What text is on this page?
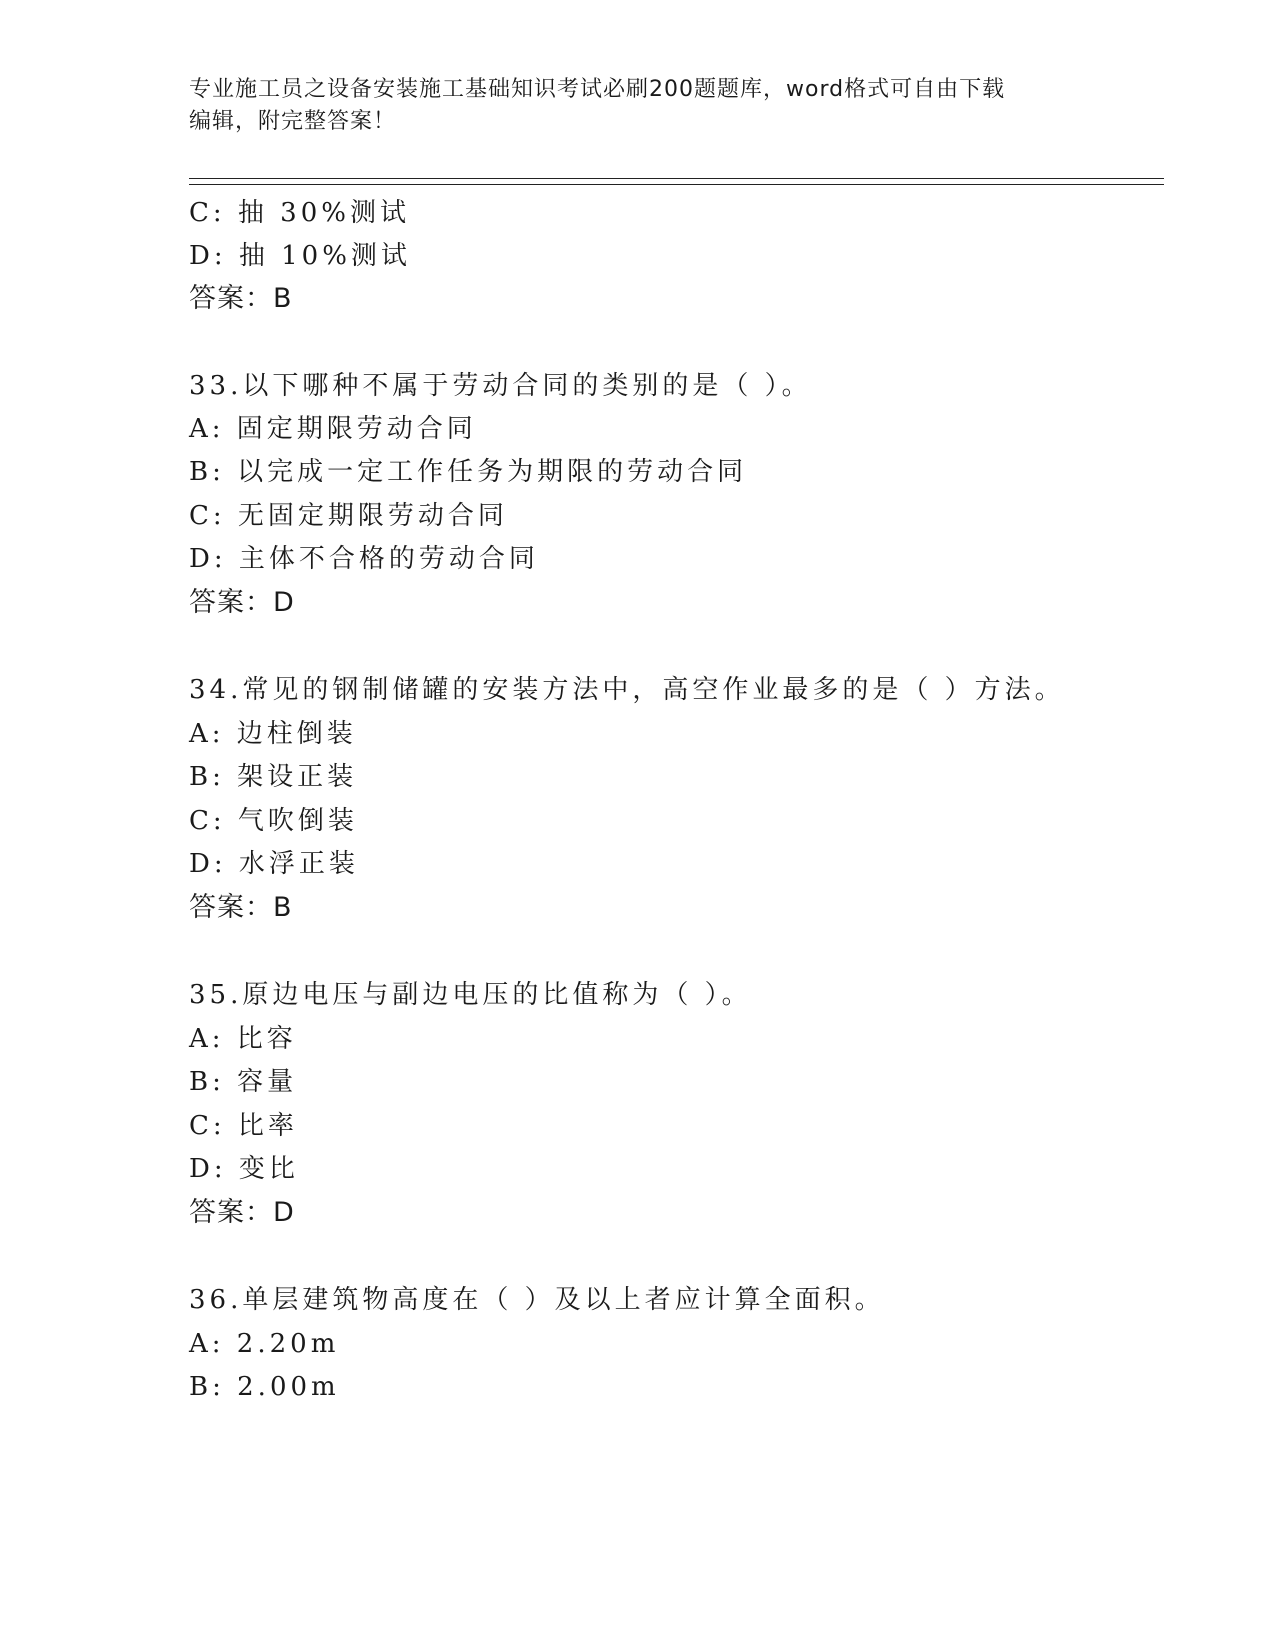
专业施工员之设备安装施工基础知识考试必刷200题题库，word格式可自由下载
编辑，附完整答案！
C: 抽 30%测试
D: 抽 10%测试
答案：B
33.以下哪种不属于劳动合同的类别的是（ ）。
A: 固定期限劳动合同
B: 以完成一定工作任务为期限的劳动合同
C: 无固定期限劳动合同
D: 主体不合格的劳动合同
答案：D
34.常见的钢制储罐的安装方法中，高空作业最多的是（ ）方法。
A: 边柱倒装
B: 架设正装
C: 气吹倒装
D: 水浮正装
答案：B
35.原边电压与副边电压的比值称为（ ）。
A: 比容
B: 容量
C: 比率
D: 变比
答案：D
36.单层建筑物高度在（ ）及以上者应计算全面积。
A: 2.20m
B: 2.00m
